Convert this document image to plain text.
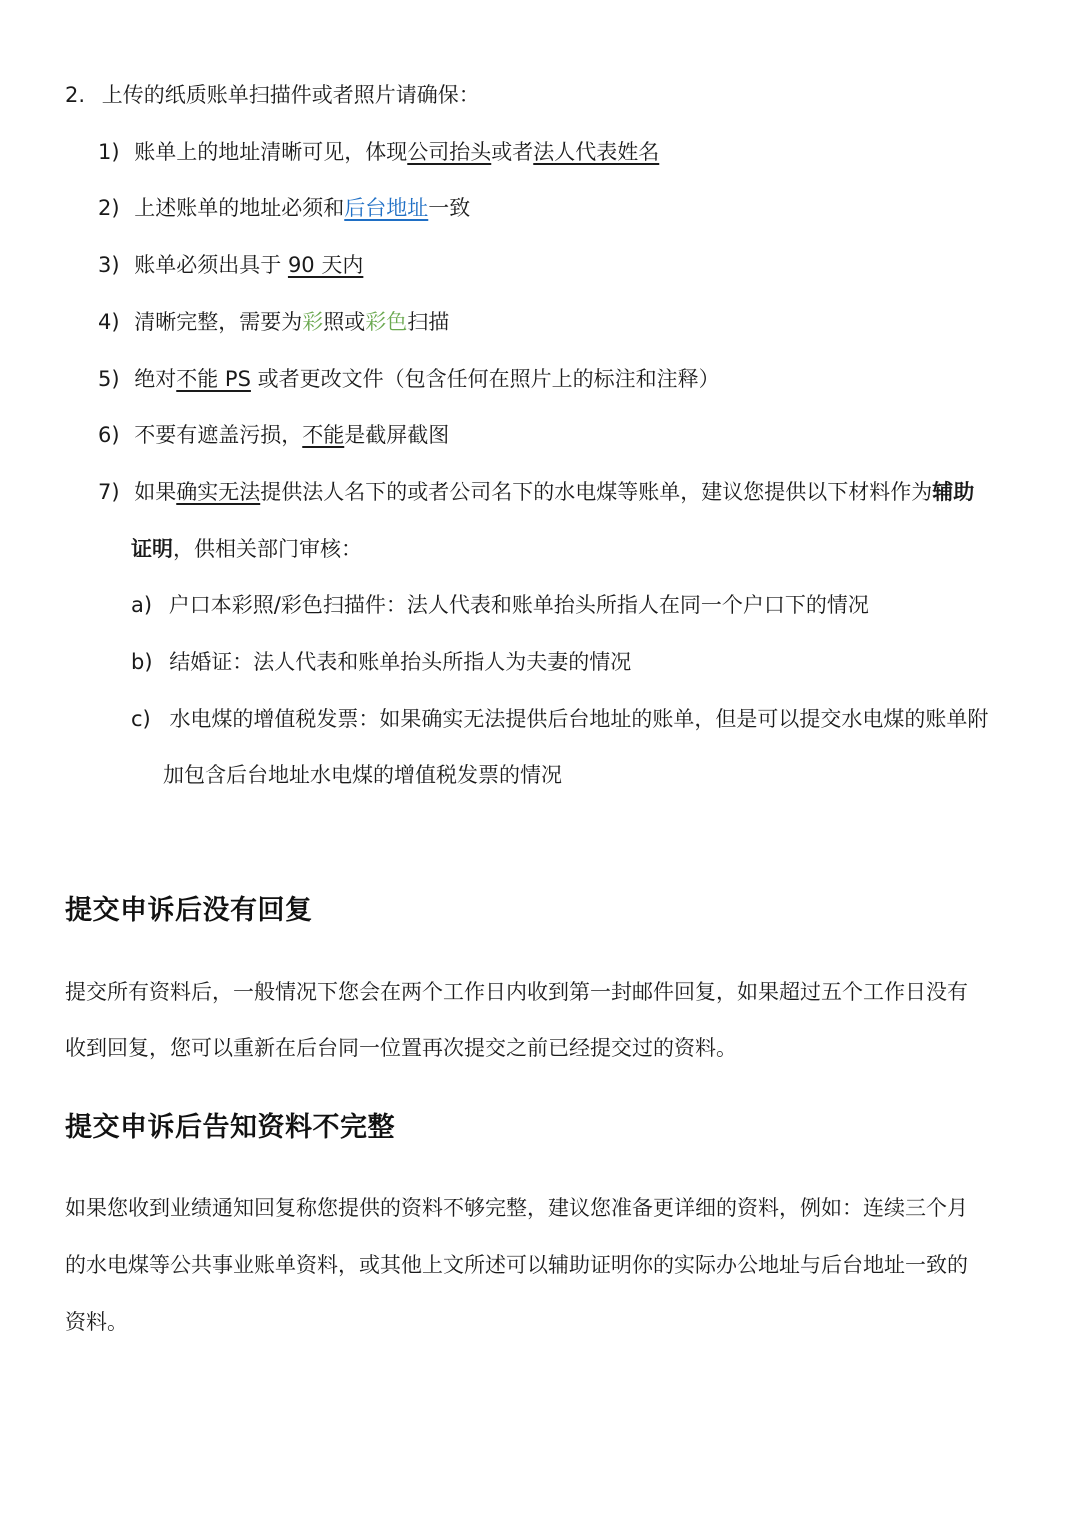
2. 上传的纸质账单扫描件或者照片请确保：
1) 账单上的地址清晰可见，体现公司抬头或者法人代表姓名
2) 上述账单的地址必须和后台地址一致
3) 账单必须出具于 90 天内
4) 清晰完整，需要为彩照或彩色扫描
5) 绝对不能 PS 或者更改文件（包含任何在照片上的标注和注释）
6) 不要有遮盖污损，不能是截屏截图
7) 如果确实无法提供法人名下的或者公司名下的水电煤等账单，建议您提供以下材料作为辅助
证明，供相关部门审核：
a) 户口本彩照/彩色扫描件：法人代表和账单抬头所指人在同一个户口下的情况
b) 结婚证：法人代表和账单抬头所指人为夫妻的情况
c) 水电煤的增值税发票：如果确实无法提供后台地址的账单，但是可以提交水电煤的账单附
加包含后台地址水电煤的增值税发票的情况
提交申诉后没有回复
提交所有资料后，一般情况下您会在两个工作日内收到第一封邮件回复，如果超过五个工作日没有
收到回复，您可以重新在后台同一位置再次提交之前已经提交过的资料。
提交申诉后告知资料不完整
如果您收到业绩通知回复称您提供的资料不够完整，建议您准备更详细的资料，例如：连续三个月
的水电煤等公共事业账单资料，或其他上文所述可以辅助证明你的实际办公地址与后台地址一致的
资料。
